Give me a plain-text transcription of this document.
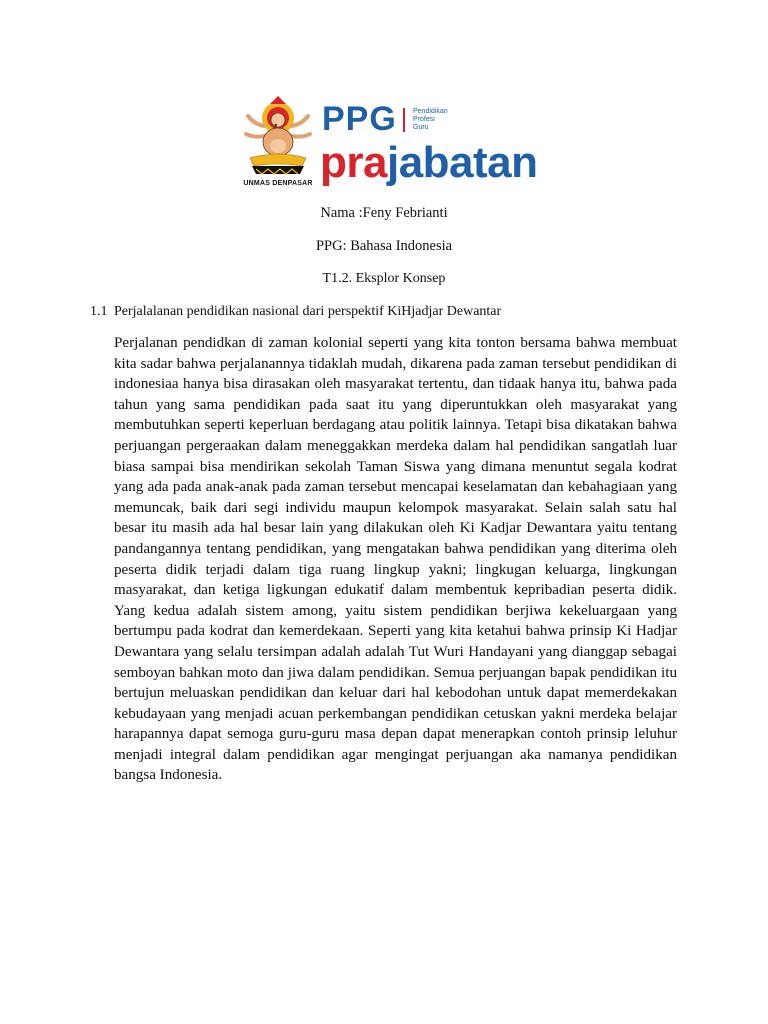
UNMAS DENPASAR
PPG Pendidikan
Profesi
Guru
prajabatan
Nama :Feny Febrianti
PPG: Bahasa Indonesia
T1.2. Eksplor Konsep
1.1 Perjalalanan pendidikan nasional dari perspektif KiHjadjar Dewantar

Perjalanan pendidkan di zaman kolonial seperti yang kita tonton bersama bahwa membuat kita sadar bahwa perjalanannya tidaklah mudah, dikarena pada zaman tersebut pendidikan di indonesiaa hanya bisa dirasakan oleh masyarakat tertentu, dan tidaak hanya itu, bahwa pada tahun yang sama pendidikan pada saat itu yang diperuntukkan oleh masyarakat yang membutuhkan seperti keperluan berdagang atau politik lainnya. Tetapi bisa dikatakan bahwa perjuangan pergeraakan dalam meneggakkan merdeka dalam hal pendidikan sangatlah luar biasa sampai bisa mendirikan sekolah Taman Siswa yang dimana menuntut segala kodrat yang ada pada anak-anak pada zaman tersebut mencapai keselamatan dan kebahagiaan yang memuncak, baik dari segi individu maupun kelompok masyarakat. Selain salah satu hal besar itu masih ada hal besar lain yang dilakukan oleh Ki Kadjar Dewantara yaitu tentang pandangannya tentang pendidikan, yang mengatakan bahwa pendidikan yang diterima oleh peserta didik terjadi dalam tiga ruang lingkup yakni; lingkugan keluarga, lingkungan masyarakat, dan ketiga ligkungan edukatif dalam membentuk kepribadian peserta didik. Yang kedua adalah sistem among, yaitu sistem pendidikan berjiwa kekeluargaan yang bertumpu pada kodrat dan kemerdekaan. Seperti yang kita ketahui bahwa prinsip Ki Hadjar Dewantara yang selalu tersimpan adalah adalah Tut Wuri Handayani yang dianggap sebagai semboyan bahkan moto dan jiwa dalam pendidikan. Semua perjuangan bapak pendidikan itu bertujun meluaskan pendidikan dan keluar dari hal kebodohan untuk dapat memerdekakan kebudayaan yang menjadi acuan perkembangan pendidikan cetuskan yakni merdeka belajar harapannya dapat semoga guru-guru masa depan dapat menerapkan contoh prinsip leluhur menjadi integral dalam pendidikan agar mengingat perjuangan aka namanya pendidikan bangsa Indonesia.
